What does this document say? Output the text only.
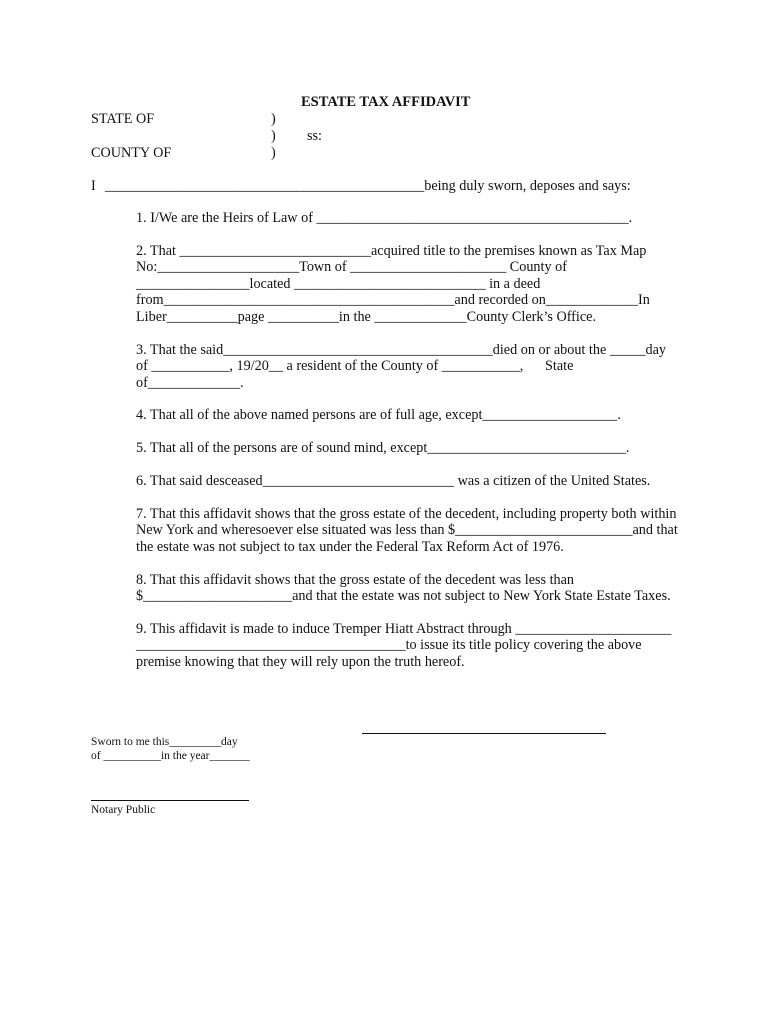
ESTATE TAX AFFIDAVIT
STATE OF	)
) ss:
COUNTY OF	)
I _____________________________________________being duly sworn, deposes and says:
1. I/We are the Heirs of Law of ____________________________________________.
2. That ___________________________acquired title to the premises known as Tax Map
No:____________________Town of ______________________ County of
________________located ___________________________ in a deed
from_________________________________________and recorded on_____________In
Liber__________page __________in the _____________County Clerk’s Office.
3. That the said______________________________________died on or about the _____day
of ___________, 19/20__ a resident of the County of ___________, State
of_____________.
4. That all of the above named persons are of full age, except___________________.
5. That all of the persons are of sound mind, except____________________________.
6. That said desceased___________________________ was a citizen of the United States.
7. That this affidavit shows that the gross estate of the decedent, including property both within
New York and wheresoever else situated was less than $_________________________and that
the estate was not subject to tax under the Federal Tax Reform Act of 1976.
8. That this affidavit shows that the gross estate of the decedent was less than
$_____________________and that the estate was not subject to New York State Estate Taxes.
9. This affidavit is made to induce Tremper Hiatt Abstract through ______________________
______________________________________to issue its title policy covering the above
premise knowing that they will rely upon the truth hereof.
Sworn to me this_________day
of __________in the year_______
Notary Public
